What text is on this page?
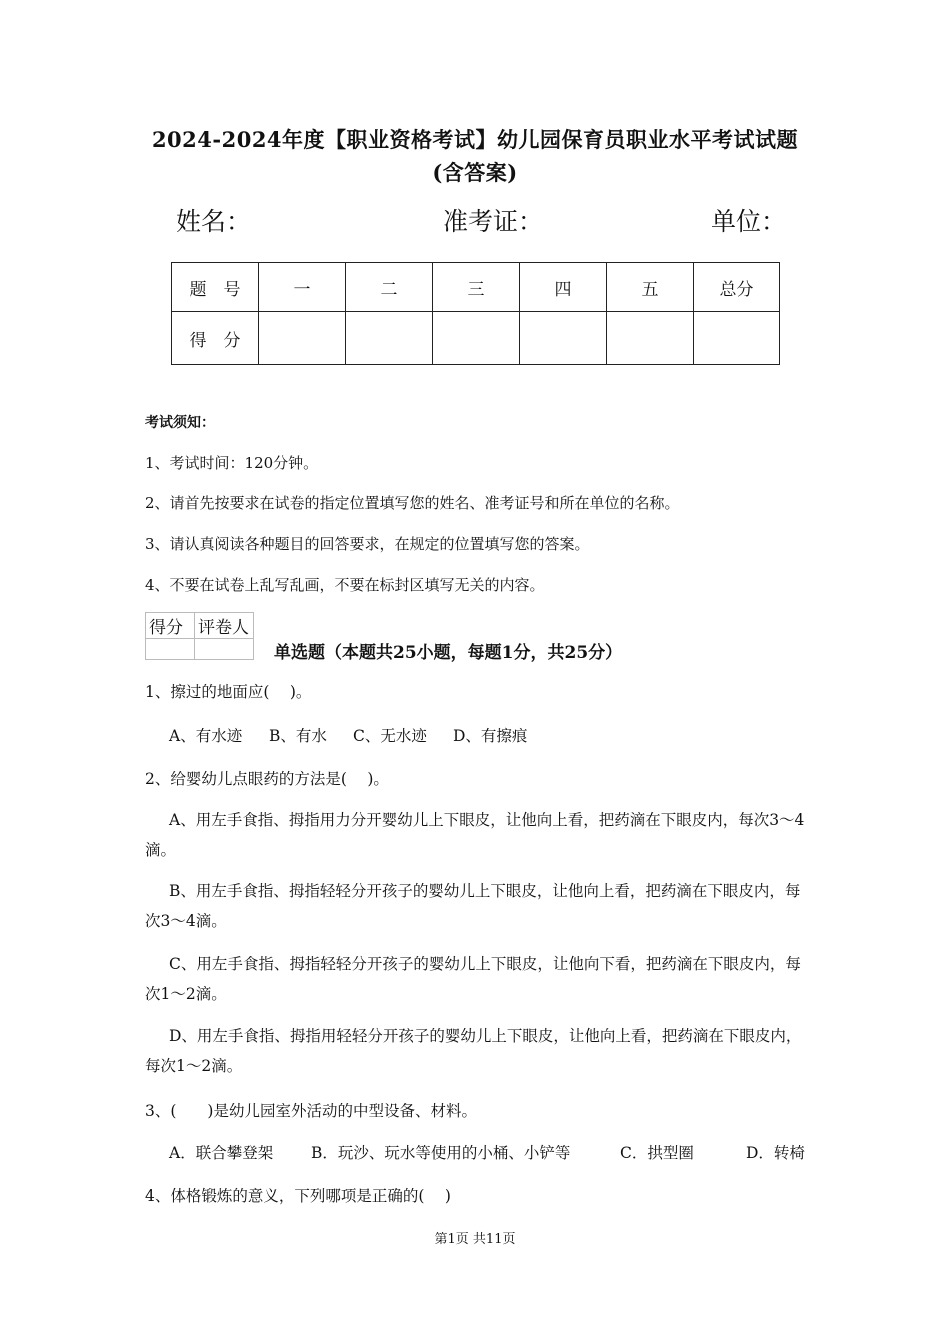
2024-2024年度【职业资格考试】幼儿园保育员职业水平考试试题
(含答案)
姓名：	准考证：	单位：
题　号	一	二	三	四	五	总分
得　分						
考试须知：
1、考试时间：120分钟。
2、请首先按要求在试卷的指定位置填写您的姓名、准考证号和所在单位的名称。
3、请认真阅读各种题目的回答要求，在规定的位置填写您的答案。
4、不要在试卷上乱写乱画，不要在标封区填写无关的内容。
得分	评卷人

单选题（本题共25小题，每题1分，共25分）
1、擦过的地面应(　 )。
A、有水迹 B、有水 C、无水迹 D、有擦痕
2、给婴幼儿点眼药的方法是(　 )。
A、用左手食指、拇指用力分开婴幼儿上下眼皮，让他向上看，把药滴在下眼皮内，每次3～4滴。
B、用左手食指、拇指轻轻分开孩子的婴幼儿上下眼皮，让他向上看，把药滴在下眼皮内，每次3～4滴。
C、用左手食指、拇指轻轻分开孩子的婴幼儿上下眼皮，让他向下看，把药滴在下眼皮内，每次1～2滴。
D、用左手食指、拇指用轻轻分开孩子的婴幼儿上下眼皮，让他向上看，把药滴在下眼皮内，每次1～2滴。
3、(　　)是幼儿园室外活动的中型设备、材料。
A．联合攀登架 B．玩沙、玩水等使用的小桶、小铲等	C．拱型圈	D．转椅
4、体格锻炼的意义，下列哪项是正确的(　 )
第1页 共11页
